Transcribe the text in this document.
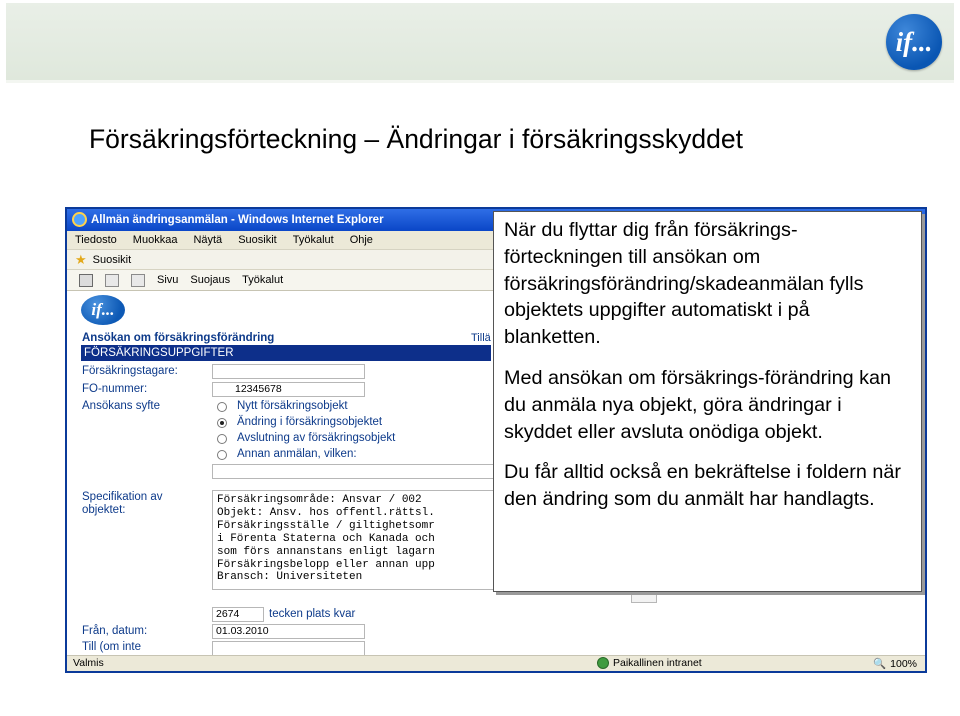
if...
Försäkringsförteckning – Ändringar i försäkringsskyddet
Allmän ändringsanmälan - Windows Internet Explorer
Tiedosto Muokkaa Näytä Suosikit Työkalut Ohje
★ Suosikit
Sivu Suojaus Työkalut
if...
Ansökan om försäkringsförändring	Tillä
FÖRSÄKRINGSUPPGIFTER
Försäkringstagare:
FO-nummer:	12345678
Ansökans syfte	Nytt försäkringsobjekt
Ändring i försäkringsobjektet
Avslutning av försäkringsobjekt
Annan anmälan, vilken:
Specifikation av objektet:
Försäkringsområde: Ansvar / 002
Objekt: Ansv. hos offentl.rättsl.
Försäkringsställe / giltighetsomr
i Förenta Staterna och Kanada och
som förs annanstans enligt lagarn
Försäkringsbelopp eller annan upp
Bransch: Universiteten
2674	tecken plats kvar
Från, datum:	01.03.2010
Till (om inte
Valmis	Paikallinen intranet	🔍 100%

När du flyttar dig från försäkrings-förteckningen till ansökan om försäkringsförändring/skadeanmälan fylls objektets uppgifter automatiskt i på blanketten.

Med ansökan om försäkrings-förändring kan du anmäla nya objekt, göra ändringar i skyddet eller avsluta onödiga objekt.

Du får alltid också en bekräftelse i foldern när den ändring som du anmält har handlagts.
